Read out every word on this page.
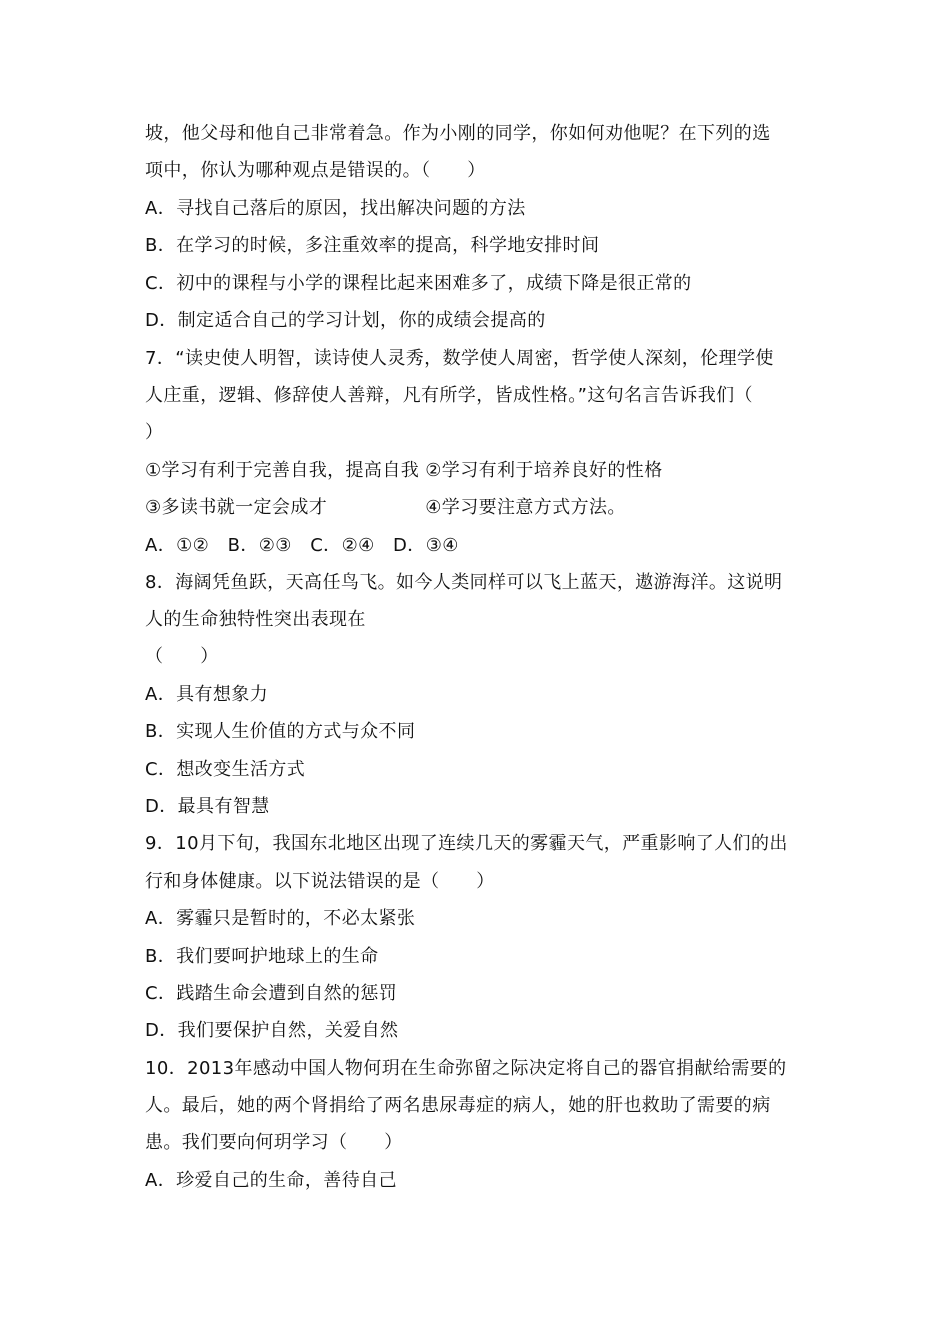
坡，他父母和他自己非常着急。作为小刚的同学，你如何劝他呢？在下列的选
项中，你认为哪种观点是错误的。（　　）
A．寻找自己落后的原因，找出解决问题的方法
B．在学习的时候，多注重效率的提高，科学地安排时间
C．初中的课程与小学的课程比起来困难多了，成绩下降是很正常的
D．制定适合自己的学习计划，你的成绩会提高的
7．“读史使人明智，读诗使人灵秀，数学使人周密，哲学使人深刻，伦理学使
人庄重，逻辑、修辞使人善辩，凡有所学，皆成性格。”这句名言告诉我们（
）
①学习有利于完善自我，提高自我 ②学习有利于培养良好的性格
③多读书就一定会成才　　　　　 ④学习要注意方式方法。
A．①②　B．②③　C．②④　D．③④
8．海阔凭鱼跃，天高任鸟飞。如今人类同样可以飞上蓝天，遨游海洋。这说明
人的生命独特性突出表现在
（　　）
A．具有想象力
B．实现人生价值的方式与众不同
C．想改变生活方式
D．最具有智慧
9．10月下旬，我国东北地区出现了连续几天的雾霾天气，严重影响了人们的出
行和身体健康。以下说法错误的是（　　）
A．雾霾只是暂时的，不必太紧张
B．我们要呵护地球上的生命
C．践踏生命会遭到自然的惩罚
D．我们要保护自然，关爱自然
10．2013年感动中国人物何玥在生命弥留之际决定将自己的器官捐献给需要的
人。最后，她的两个肾捐给了两名患尿毒症的病人，她的肝也救助了需要的病
患。我们要向何玥学习（　　）
A．珍爱自己的生命，善待自己
